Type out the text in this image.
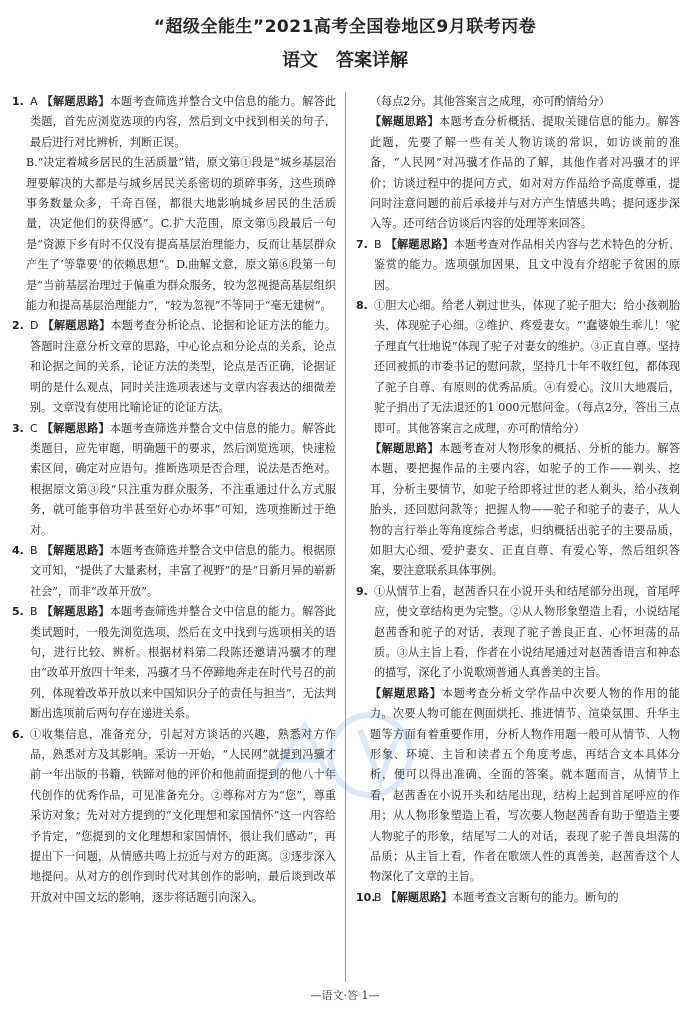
“超级全能生”2021高考全国卷地区9月联考丙卷
语文 答案详解

1. A 【解题思路】本题考查筛选并整合文中信息的能力。解答此类题，首先应浏览选项的内容，然后到文中找到相关的句子，最后进行对比辨析，判断正误。

B.“决定着城乡居民的生活质量”错，原文第①段是“城乡基层治理要解决的大都是与城乡居民关系密切的琐碎事务，这些琐碎事务数量众多，千奇百怪，都很大地影响城乡居民的生活质量，决定他们的获得感”。C.扩大范围，原文第⑤段最后一句是“资源下乡有时不仅没有提高基层治理能力，反而让基层群众产生了‘等靠要’的依赖思想”。D.曲解文意，原文第⑥段第一句是“当前基层治理过于偏重为群众服务，较为忽视提高基层组织能力和提高基层治理能力”，“较为忽视”不等同于“毫无建树”。

2. D 【解题思路】本题考查分析论点、论据和论证方法的能力。答题时注意分析文章的思路，中心论点和分论点的关系，论点和论据之间的关系，论证方法的类型，论点是否正确，论据证明的是什么观点，同时关注选项表述与文章内容表达的细微差别。文章没有使用比喻论证的论证方法。

3. C 【解题思路】本题考查筛选并整合文中信息的能力。解答此类题目，应先审题，明确题干的要求，然后浏览选项，快速检索区间，确定对应语句。推断选项是否合理，说法是否绝对。根据原文第③段“只注重为群众服务，不注重通过什么方式服务，就可能事倍功半甚至好心办坏事”可知，选项推断过于绝对。

4. B 【解题思路】本题考查筛选并整合文中信息的能力。根据原文可知，“提供了大量素材，丰富了视野”的是“日新月异的崭新社会”，而非“改革开放”。

5. B 【解题思路】本题考查筛选并整合文中信息的能力。解答此类试题时，一般先浏览选项，然后在文中找到与选项相关的语句，进行比较、辨析。根据材料第二段陈还邀请冯骥才的理由“改革开放四十年来，冯骥才马不停蹄地奔走在时代号召的前列，体现着改革开放以来中国知识分子的责任与担当”，无法判断出选项前后两句存在递进关系。

6. ①收集信息，准备充分，引起对方谈话的兴趣，熟悉对方作品，熟悉对方及其影响。采访一开始，“人民网”就提到冯骥才前一年出版的书籍，铁蹄对他的评价和他前面提到的他八十年代创作的优秀作品，可见准备充分。②尊称对方为“您”，尊重采访对象；先对对方提到的“文化理想和家国情怀”这一内容给予肯定，“您提到的文化理想和家国情怀，很让我们感动”，再提出下一问题，从情感共鸣上拉近与对方的距离。③逐步深入地提问。从对方的创作到时代对其创作的影响，最后谈到改革开放对中国文坛的影响，逐步将话题引向深入。

（每点2分。其他答案言之成理，亦可酌情给分）

【解题思路】本题考查分析概括、提取关键信息的能力。解答此题，先要了解一些有关人物访谈的常识，如访谈前的准备，“人民网”对冯骥才作品的了解，其他作者对冯骥才的评价；访谈过程中的提问方式，如对对方作品给予高度尊重，提问时注意问题的前后承接并与对方产生情感共鸣；提问逐步深入等。还可结合访谈后内容的处理等来回答。

7. B 【解题思路】本题考查对作品相关内容与艺术特色的分析、鉴赏的能力。选项强加因果，且文中没有介绍驼子贫困的原因。

8. ①胆大心细。给老人剃过世头，体现了驼子胆大；给小孩剃胎头，体现驼子心细。②维护、疼爱妻女。“‘蠢婆娘生乖儿！’驼子理直气壮地说”体现了驼子对妻女的维护。③正直自尊。坚持还回被抓的市委书记的慰问款，坚持几十年不收红包，都体现了驼子自尊、有原则的优秀品质。④有爱心。汶川大地震后，驼子捐出了无法退还的1 000元慰问金。（每点2分，答出三点即可。其他答案言之成理，亦可酌情给分）

【解题思路】本题考查对人物形象的概括、分析的能力。解答本题，要把握作品的主要内容，如驼子的工作——剃头、挖耳，分析主要情节，如驼子给即将过世的老人剃头，给小孩剃胎头，还回慰问款等；把握人物——驼子和驼子的妻子，从人物的言行举止等角度综合考虑，归纳概括出驼子的主要品质，如胆大心细、爱护妻女、正直自尊、有爱心等，然后组织答案，要注意联系具体事例。

9. ①从情节上看，赵茜香只在小说开头和结尾部分出现，首尾呼应，使文章结构更为完整。②从人物形象塑造上看，小说结尾赵茜香和驼子的对话，表现了驼子善良正直、心怀坦荡的品质。③从主旨上看，作者在小说结尾通过对赵茜香语言和神态的描写，深化了小说歌颂普通人真善美的主旨。

【解题思路】本题考查分析文学作品中次要人物的作用的能力。次要人物可能在侧面烘托、推进情节、渲染氛围、升华主题等方面有着重要作用，分析人物作用题一般可从情节、人物形象、环境、主旨和读者五个角度考虑，再结合文本具体分析，便可以得出准确、全面的答案。就本题而言，从情节上看，赵茜香在小说开头和结尾出现，结构上起到首尾呼应的作用；从人物形象塑造上看，写次要人物赵茜香有助于塑造主要人物驼子的形象，结尾写二人的对话，表现了驼子善良坦荡的品质；从主旨上看，作者在歌颂人性的真善美，赵茜香这个人物深化了文章的主旨。

10.
B 【解题思路】本题考查文言断句的能力。断句的

—语文·答 1—
